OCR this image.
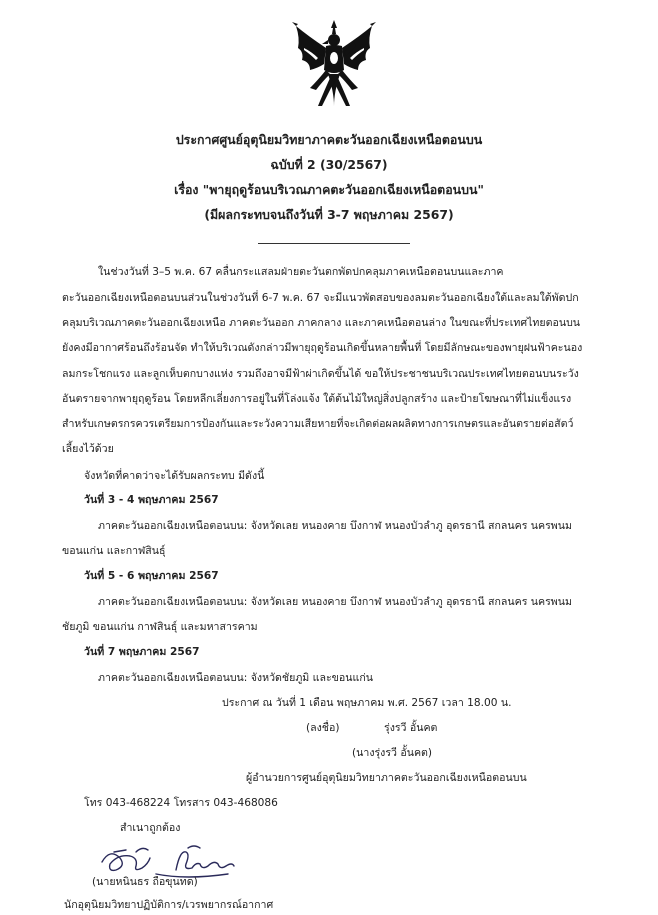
ประกาศศูนย์อุตุนิยมวิทยาภาคตะวันออกเฉียงเหนือตอนบน
ฉบับที่ 2 (30/2567)
เรื่อง "พายุฤดูร้อนบริเวณภาคตะวันออกเฉียงเหนือตอนบน"
(มีผลกระทบจนถึงวันที่ 3-7 พฤษภาคม 2567)
ในช่วงวันที่ 3–5 พ.ค. 67 คลื่นกระแสลมฝ่ายตะวันตกพัดปกคลุมภาคเหนือตอนบนและภาค
ตะวันออกเฉียงเหนือตอนบนส่วนในช่วงวันที่ 6-7 พ.ค. 67 จะมีแนวพัดสอบของลมตะวันออกเฉียงใต้และลมใต้พัดปก
คลุมบริเวณภาคตะวันออกเฉียงเหนือ ภาคตะวันออก ภาคกลาง และภาคเหนือตอนล่าง ในขณะที่ประเทศไทยตอนบน
ยังคงมีอากาศร้อนถึงร้อนจัด ทำให้บริเวณดังกล่าวมีพายุฤดูร้อนเกิดขึ้นหลายพื้นที่ โดยมีลักษณะของพายุฝนฟ้าคะนอง
ลมกระโชกแรง และลูกเห็บตกบางแห่ง รวมถึงอาจมีฟ้าผ่าเกิดขึ้นได้ ขอให้ประชาชนบริเวณประเทศไทยตอนบนระวัง
อันตรายจากพายุฤดูร้อน โดยหลีกเลี่ยงการอยู่ในที่โล่งแจ้ง ใต้ต้นไม้ใหญ่สิ่งปลูกสร้าง และป้ายโฆษณาที่ไม่แข็งแรง
สำหรับเกษตรกรควรเตรียมการป้องกันและระวังความเสียหายที่จะเกิดต่อผลผลิตทางการเกษตรและอันตรายต่อสัตว์
เลี้ยงไว้ด้วย
จังหวัดที่คาดว่าจะได้รับผลกระทบ มีดังนี้
วันที่ 3 - 4 พฤษภาคม 2567
ภาคตะวันออกเฉียงเหนือตอนบน: จังหวัดเลย หนองคาย บึงกาฬ หนองบัวลำภู อุดรธานี สกลนคร นครพนม
ขอนแก่น และกาฬสินธุ์
วันที่ 5 - 6 พฤษภาคม 2567
ภาคตะวันออกเฉียงเหนือตอนบน: จังหวัดเลย หนองคาย บึงกาฬ หนองบัวลำภู อุดรธานี สกลนคร นครพนม
ชัยภูมิ ขอนแก่น กาฬสินธุ์ และมหาสารคาม
วันที่ 7 พฤษภาคม 2567
ภาคตะวันออกเฉียงเหนือตอนบน: จังหวัดชัยภูมิ และขอนแก่น
ประกาศ ณ วันที่ 1 เดือน พฤษภาคม พ.ศ. 2567 เวลา 18.00 น.
(ลงชื่อ)	รุ่งรวี อั้นคต
(นางรุ่งรวี อั้นคต)
ผู้อำนวยการศูนย์อุตุนิยมวิทยาภาคตะวันออกเฉียงเหนือตอนบน
โทร 043-468224 โทรสาร 043-468086
สำเนาถูกต้อง
(นายหนินธร ถือขุนทด)
นักอุตุนิยมวิทยาปฏิบัติการ/เวรพยากรณ์อากาศ
